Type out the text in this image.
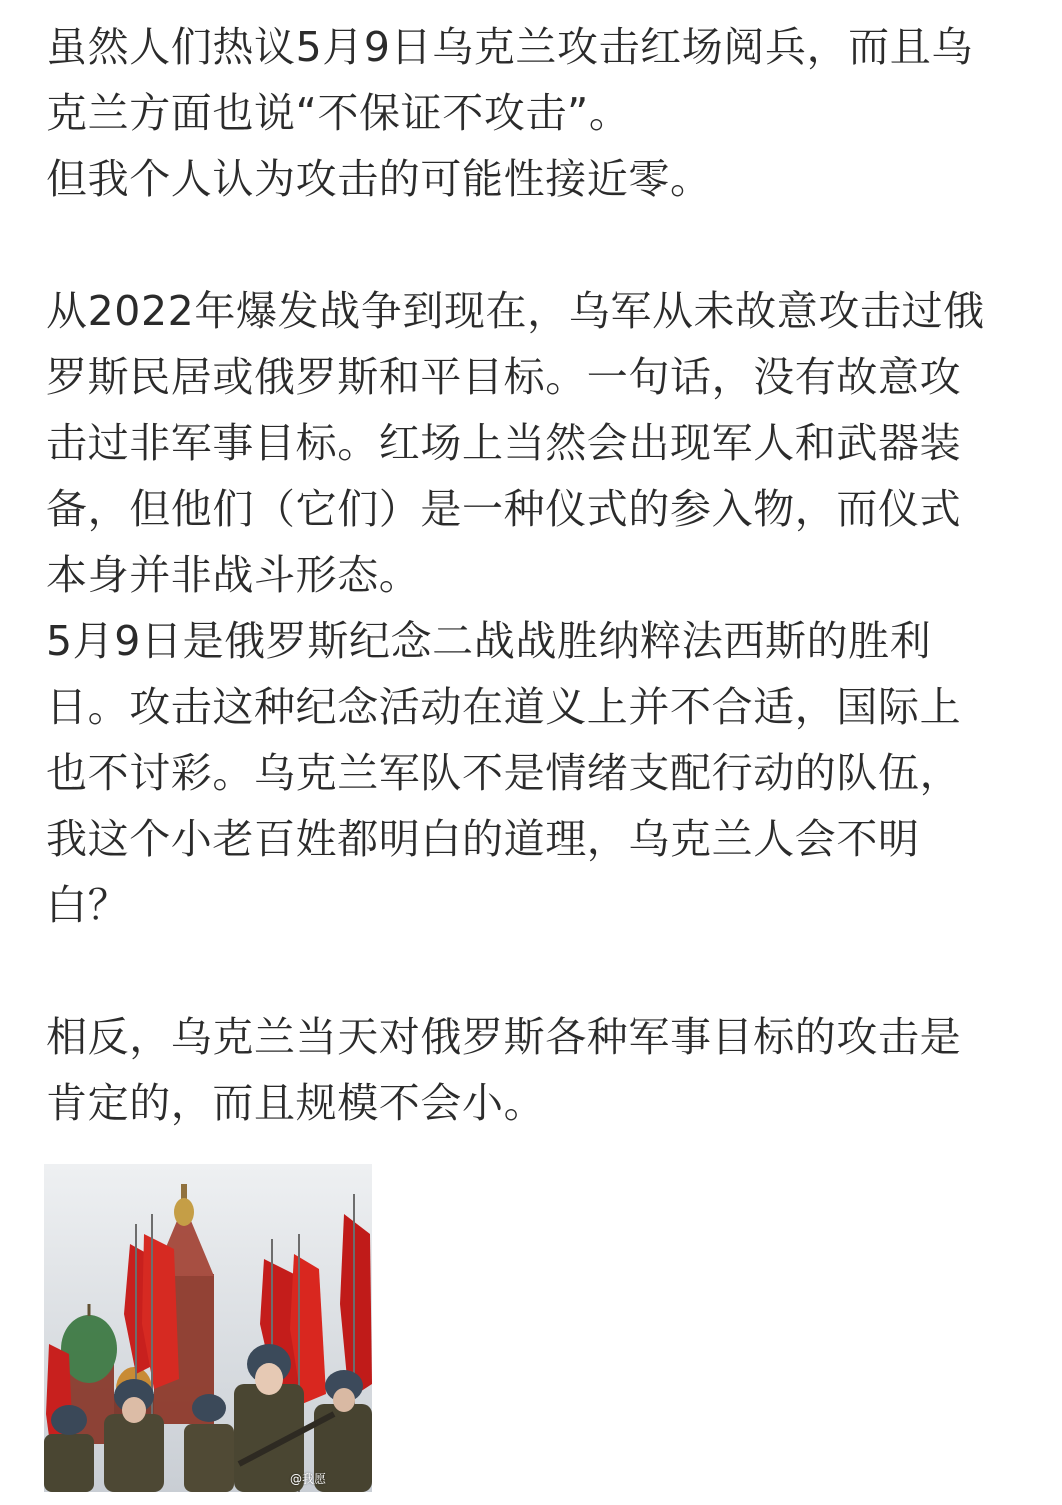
虽然人们热议5月9日乌克兰攻击红场阅兵，而且乌
克兰方面也说“不保证不攻击”。
但我个人认为攻击的可能性接近零。
从2022年爆发战争到现在，乌军从未故意攻击过俄
罗斯民居或俄罗斯和平目标。一句话，没有故意攻
击过非军事目标。红场上当然会出现军人和武器装
备，但他们（它们）是一种仪式的参入物，而仪式
本身并非战斗形态。
5月9日是俄罗斯纪念二战战胜纳粹法西斯的胜利
日。攻击这种纪念活动在道义上并不合适，国际上
也不讨彩。乌克兰军队不是情绪支配行动的队伍，
我这个小老百姓都明白的道理，乌克兰人会不明
白？
相反，乌克兰当天对俄罗斯各种军事目标的攻击是
肯定的，而且规模不会小。
@我愿
